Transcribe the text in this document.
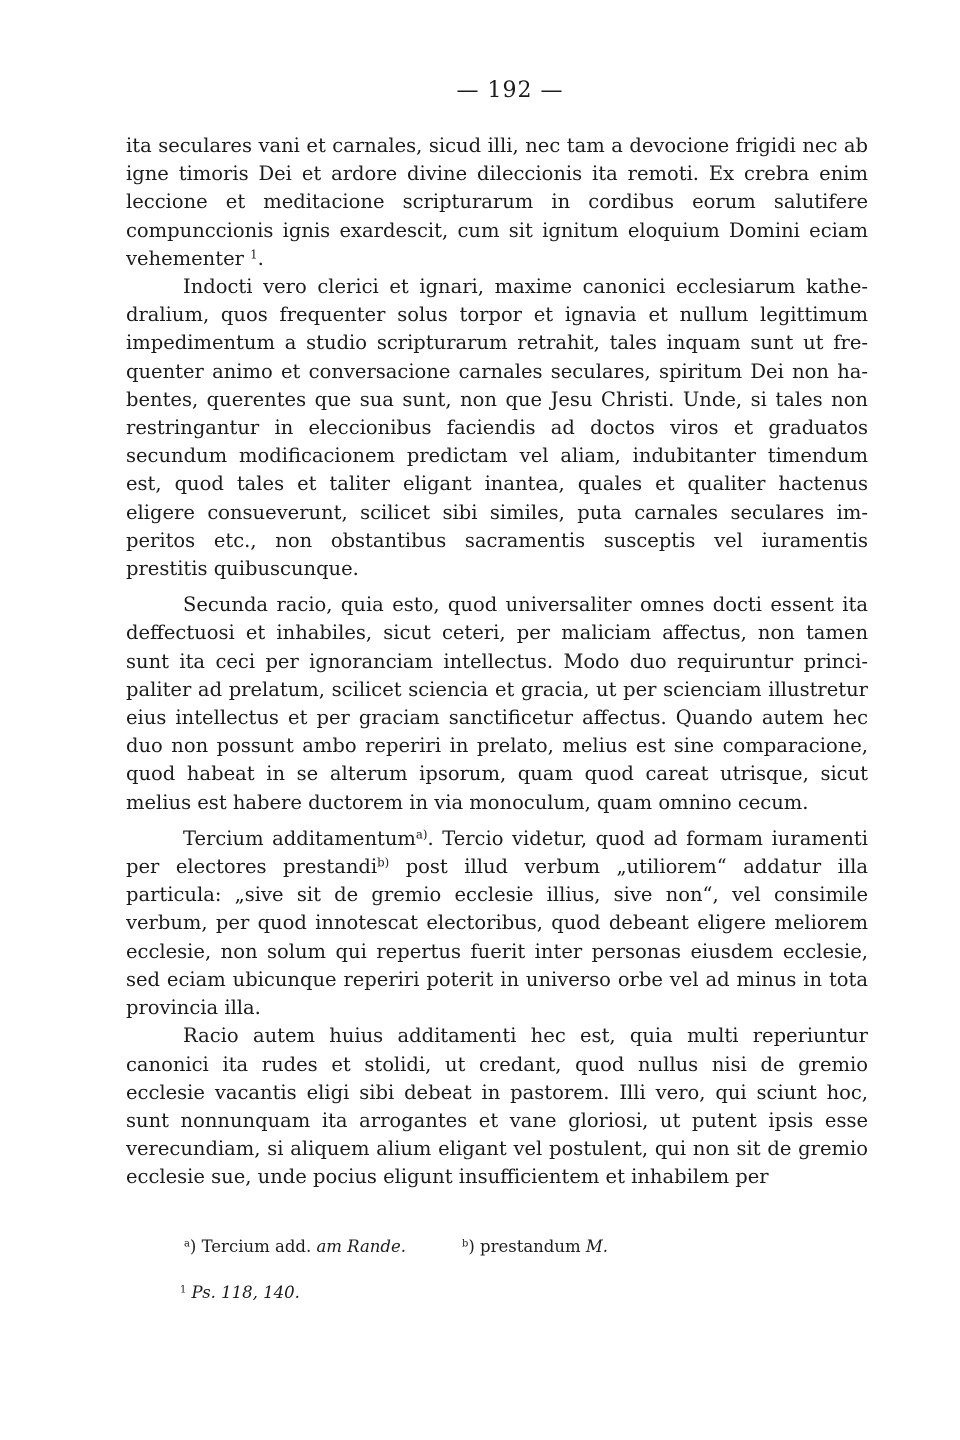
— 192 —

ita seculares vani et carnales, sicud illi, nec tam a devocione frigidi nec ab igne timoris Dei et ardore divine dileccionis ita remoti. Ex crebra enim leccione et meditacione scripturarum in cordibus eorum salutifere compunccionis ignis exardescit, cum sit ignitum eloquium Domini eciam vehementer $^1$.

Indocti vero clerici et ignari, maxime canonici ecclesiarum kathedralium, quos frequenter solus torpor et ignavia et nullum legittimum impedimentum a studio scripturarum retrahit, tales inquam sunt ut frequenter animo et conversacione carnales seculares, spiritum Dei non habentes, querentes que sua sunt, non que Jesu Christi. Unde, si tales non restringantur in eleccionibus faciendis ad doctos viros et graduatos secundum modificacionem predictam vel aliam, indubitanter timendum est, quod tales et taliter eligant inantea, quales et qualiter hactenus eligere consueverunt, scilicet sibi similes, puta carnales seculares imperitos etc., non obstantibus sacramentis susceptis vel iuramentis prestitis quibuscunque.

Secunda racio, quia esto, quod universaliter omnes docti essent ita deffectuosi et inhabiles, sicut ceteri, per maliciam affectus, non tamen sunt ita ceci per ignoranciam intellectus. Modo duo requiruntur principaliter ad prelatum, scilicet sciencia et gracia, ut per scienciam illustretur eius intellectus et per graciam sanctificetur affectus. Quando autem hec duo non possunt ambo reperiri in prelato, melius est sine comparacione, quod habeat in se alterum ipsorum, quam quod careat utrisque, sicut melius est habere ductorem in via monoculum, quam omnino cecum.

Tercium additamentum$^{a)}$. Tercio videtur, quod ad formam iuramenti per electores prestandi$^{b)}$ post illud verbum „utiliorem“ addatur illa particula: „sive sit de gremio ecclesie illius, sive non“, vel consimile verbum, per quod innotescat electoribus, quod debeant eligere meliorem ecclesie, non solum qui repertus fuerit inter personas eiusdem ecclesie, sed eciam ubicunque reperiri poterit in universo orbe vel ad minus in tota provincia illa.

Racio autem huius additamenti hec est, quia multi reperiuntur canonici ita rudes et stolidi, ut credant, quod nullus nisi de gremio ecclesie vacantis eligi sibi debeat in pastorem. Illi vero, qui sciunt hoc, sunt nonnunquam ita arrogantes et vane gloriosi, ut putent ipsis esse verecundiam, si aliquem alium eligant vel postulent, qui non sit de gremio ecclesie sue, unde pocius eligunt insufficientem et inhabilem per

$^a$) Tercium add. am Rande.	$^b$) prestandum M.
$^1$ Ps. 118, 140.
